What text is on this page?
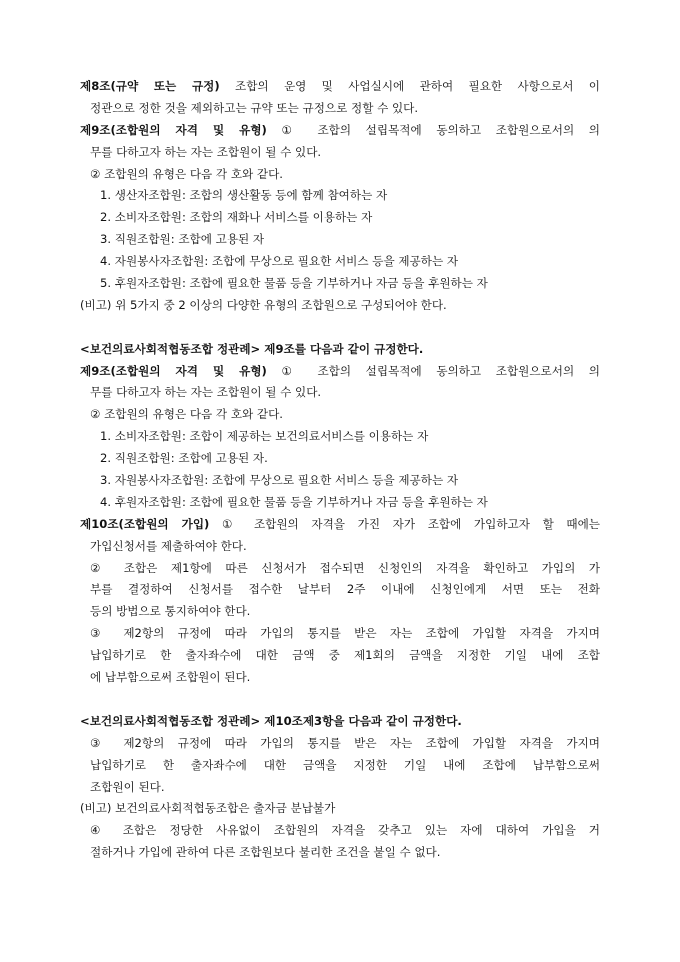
제8조(규약 또는 규정) 조합의 운영 및 사업실시에 관하여 필요한 사항으로서 이
정관으로 정한 것을 제외하고는 규약 또는 규정으로 정할 수 있다.
제9조(조합원의 자격 및 유형) ① 조합의 설립목적에 동의하고 조합원으로서의 의
무를 다하고자 하는 자는 조합원이 될 수 있다.
② 조합원의 유형은 다음 각 호와 같다.
1. 생산자조합원: 조합의 생산활동 등에 함께 참여하는 자
2. 소비자조합원: 조합의 재화나 서비스를 이용하는 자
3. 직원조합원: 조합에 고용된 자
4. 자원봉사자조합원: 조합에 무상으로 필요한 서비스 등을 제공하는 자
5. 후원자조합원: 조합에 필요한 물품 등을 기부하거나 자금 등을 후원하는 자
(비고) 위 5가지 중 2 이상의 다양한 유형의 조합원으로 구성되어야 한다.
<보건의료사회적협동조합 정관례> 제9조를 다음과 같이 규정한다.
제9조(조합원의 자격 및 유형) ① 조합의 설립목적에 동의하고 조합원으로서의 의
무를 다하고자 하는 자는 조합원이 될 수 있다.
② 조합원의 유형은 다음 각 호와 같다.
1. 소비자조합원: 조합이 제공하는 보건의료서비스를 이용하는 자
2. 직원조합원: 조합에 고용된 자.
3. 자원봉사자조합원: 조합에 무상으로 필요한 서비스 등을 제공하는 자
4. 후원자조합원: 조합에 필요한 물품 등을 기부하거나 자금 등을 후원하는 자
제10조(조합원의 가입) ① 조합원의 자격을 가진 자가 조합에 가입하고자 할 때에는
가입신청서를 제출하여야 한다.
② 조합은 제1항에 따른 신청서가 접수되면 신청인의 자격을 확인하고 가입의 가
부를 결정하여 신청서를 접수한 날부터 2주 이내에 신청인에게 서면 또는 전화
등의 방법으로 통지하여야 한다.
③ 제2항의 규정에 따라 가입의 통지를 받은 자는 조합에 가입할 자격을 가지며
납입하기로 한 출자좌수에 대한 금액 중 제1회의 금액을 지정한 기일 내에 조합
에 납부함으로써 조합원이 된다.
<보건의료사회적협동조합 정관례> 제10조제3항을 다음과 같이 규정한다.
③ 제2항의 규정에 따라 가입의 통지를 받은 자는 조합에 가입할 자격을 가지며
납입하기로 한 출자좌수에 대한 금액을 지정한 기일 내에 조합에 납부함으로써
조합원이 된다.
(비고) 보건의료사회적협동조합은 출자금 분납불가
④ 조합은 정당한 사유없이 조합원의 자격을 갖추고 있는 자에 대하여 가입을 거
절하거나 가입에 관하여 다른 조합원보다 불리한 조건을 붙일 수 없다.
